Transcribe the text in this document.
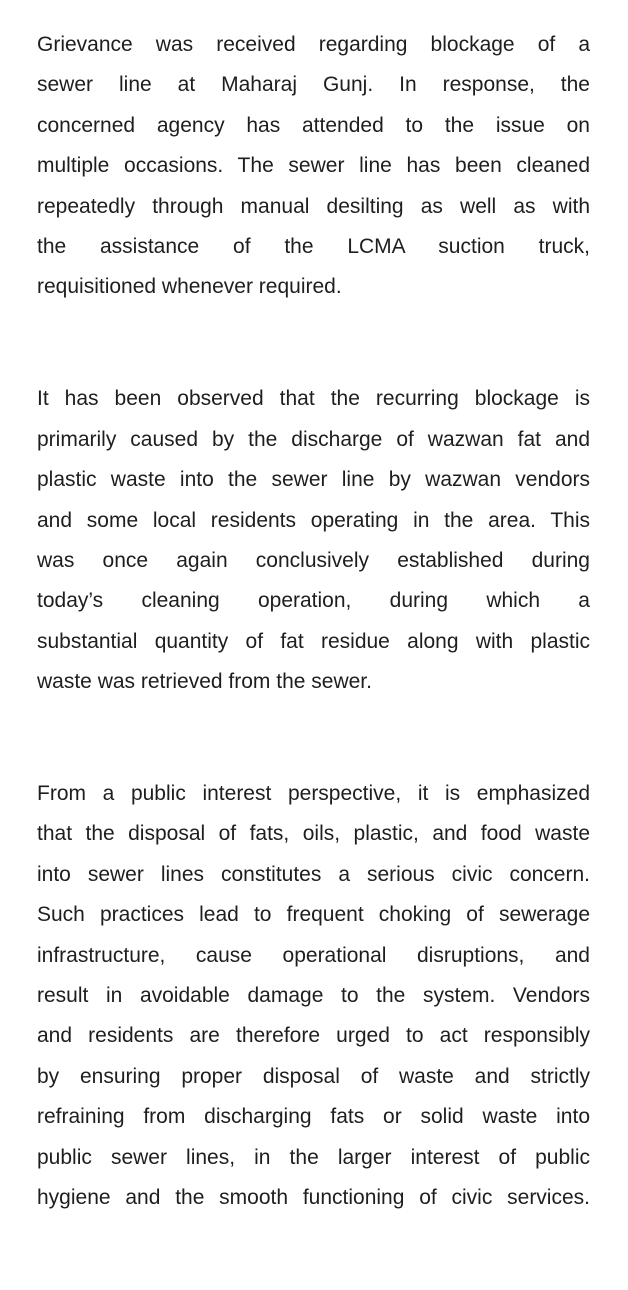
Grievance was received regarding blockage of a
sewer line at Maharaj Gunj. In response, the
concerned agency has attended to the issue on
multiple occasions. The sewer line has been cleaned
repeatedly through manual desilting as well as with
the assistance of the LCMA suction truck,
requisitioned whenever required.
It has been observed that the recurring blockage is
primarily caused by the discharge of wazwan fat and
plastic waste into the sewer line by wazwan vendors
and some local residents operating in the area. This
was once again conclusively established during
today’s cleaning operation, during which a
substantial quantity of fat residue along with plastic
waste was retrieved from the sewer.
From a public interest perspective, it is emphasized
that the disposal of fats, oils, plastic, and food waste
into sewer lines constitutes a serious civic concern.
Such practices lead to frequent choking of sewerage
infrastructure, cause operational disruptions, and
result in avoidable damage to the system. Vendors
and residents are therefore urged to act responsibly
by ensuring proper disposal of waste and strictly
refraining from discharging fats or solid waste into
public sewer lines, in the larger interest of public
hygiene and the smooth functioning of civic services.
